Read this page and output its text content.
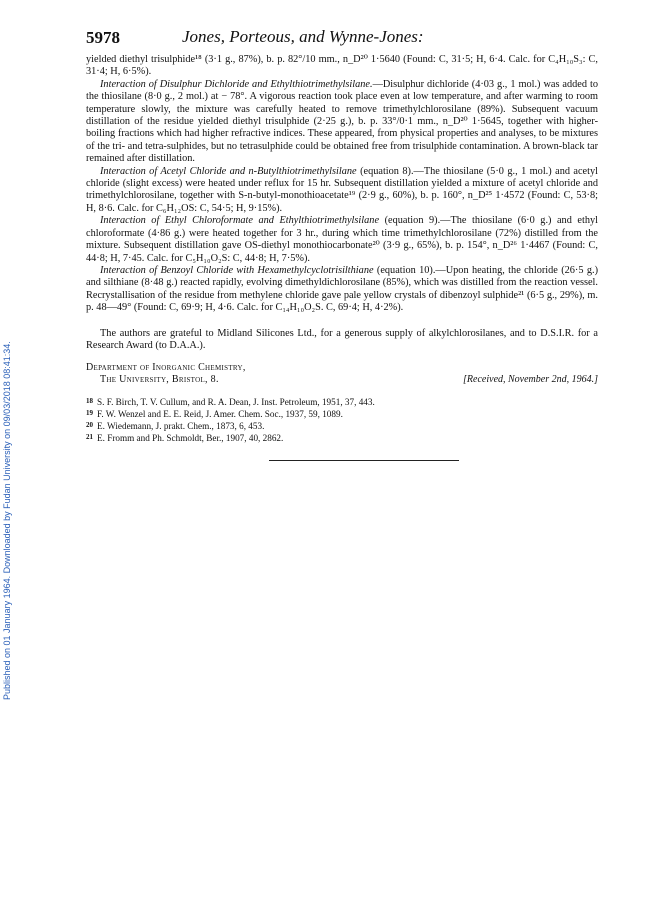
Published on 01 January 1964. Downloaded by Fudan University on 09/03/2018 08:41:34.
5978	Jones, Porteous, and Wynne-Jones:

yielded diethyl trisulphide¹⁸ (3·1 g., 87%), b. p. 82°/10 mm., n_D²⁰ 1·5640 (Found: C, 31·5; H, 6·4. Calc. for C₄H₁₀S₃: C, 31·4; H, 6·5%).

Interaction of Disulphur Dichloride and Ethylthiotrimethylsilane.—Disulphur dichloride (4·03 g., 1 mol.) was added to the thiosilane (8·0 g., 2 mol.) at − 78°. A vigorous reaction took place even at low temperature, and after warming to room temperature slowly, the mixture was carefully heated to remove trimethylchlorosilane (89%). Subsequent vacuum distillation of the residue yielded diethyl trisulphide (2·25 g.), b. p. 33°/0·1 mm., n_D²⁰ 1·5645, together with higher-boiling fractions which had higher refractive indices. These appeared, from physical properties and analyses, to be mixtures of the tri- and tetra-sulphides, but no tetrasulphide could be obtained free from trisulphide contamination. A brown-black tar remained after distillation.

Interaction of Acetyl Chloride and n-Butylthiotrimethylsilane (equation 8).—The thiosilane (5·0 g., 1 mol.) and acetyl chloride (slight excess) were heated under reflux for 15 hr. Subsequent distillation yielded a mixture of acetyl chloride and trimethylchlorosilane, together with S-n-butyl-monothioacetate¹⁹ (2·9 g., 60%), b. p. 160°, n_D²⁵ 1·4572 (Found: C, 53·8; H, 8·6. Calc. for C₆H₁₂OS: C, 54·5; H, 9·15%).

Interaction of Ethyl Chloroformate and Ethylthiotrimethylsilane (equation 9).—The thiosilane (6·0 g.) and ethyl chloroformate (4·86 g.) were heated together for 3 hr., during which time trimethylchlorosilane (72%) distilled from the mixture. Subsequent distillation gave OS-diethyl monothiocarbonate²⁰ (3·9 g., 65%), b. p. 154°, n_D²⁶ 1·4467 (Found: C, 44·8; H, 7·45. Calc. for C₅H₁₀O₂S: C, 44·8; H, 7·5%).

Interaction of Benzoyl Chloride with Hexamethylcyclotrisilthiane (equation 10).—Upon heating, the chloride (26·5 g.) and silthiane (8·48 g.) reacted rapidly, evolving dimethyldichlorosilane (85%), which was distilled from the reaction vessel. Recrystallisation of the residue from methylene chloride gave pale yellow crystals of dibenzoyl sulphide²¹ (6·5 g., 29%), m. p. 48—49° (Found: C, 69·9; H, 4·6. Calc. for C₁₄H₁₀O₂S. C, 69·4; H, 4·2%).

The authors are grateful to Midland Silicones Ltd., for a generous supply of alkylchlorosilanes, and to D.S.I.R. for a Research Award (to D.A.A.).

Department of Inorganic Chemistry,
The University, Bristol, 8.	[Received, November 2nd, 1964.]
$^{18}$ S. F. Birch, T. V. Cullum, and R. A. Dean, J. Inst. Petroleum, 1951, 37, 443.
$^{19}$ F. W. Wenzel and E. E. Reid, J. Amer. Chem. Soc., 1937, 59, 1089.
$^{20}$ E. Wiedemann, J. prakt. Chem., 1873, 6, 453.
$^{21}$ E. Fromm and Ph. Schmoldt, Ber., 1907, 40, 2862.
